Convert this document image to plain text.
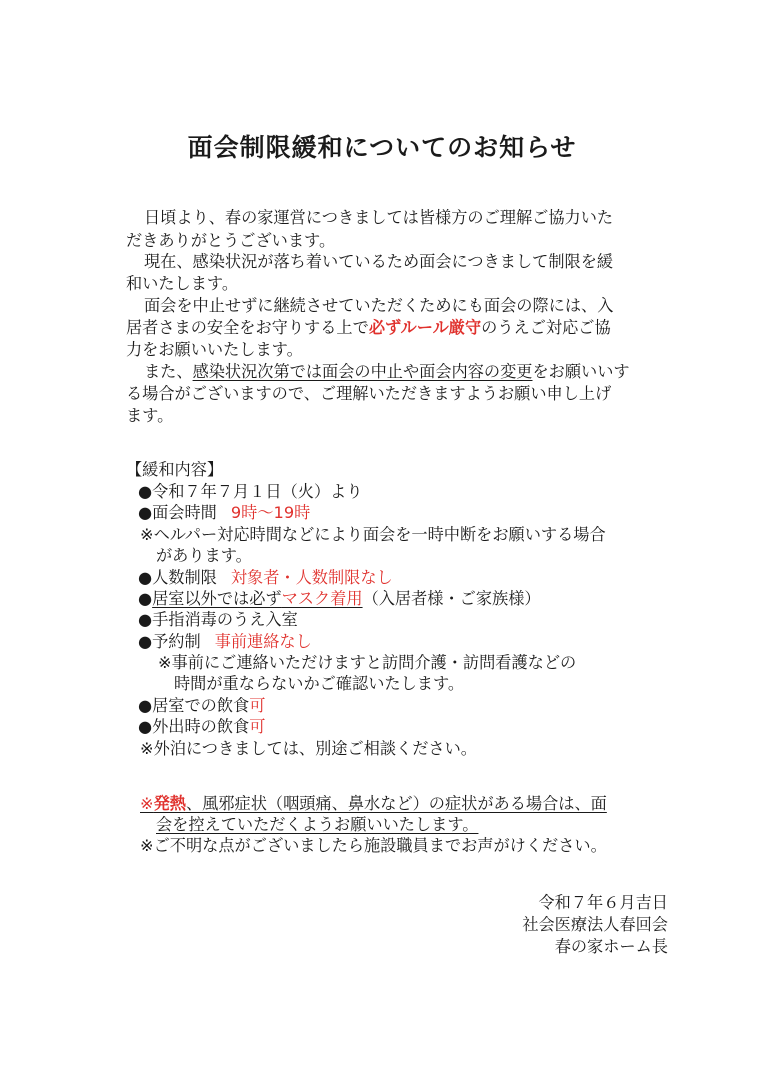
面会制限緩和についてのお知らせ
日頃より、春の家運営につきましては皆様方のご理解ご協力いた
だきありがとうございます。
現在、感染状況が落ち着いているため面会につきまして制限を緩
和いたします。
面会を中止せずに継続させていただくためにも面会の際には、入
居者さまの安全をお守りする上で必ずルール厳守のうえご対応ご協
力をお願いいたします。
また、感染状況次第では面会の中止や面会内容の変更をお願いいす
る場合がございますので、ご理解いただきますようお願い申し上げ
ます。
【緩和内容】
●令和７年７月１日（火）より
●面会時間 9時～19時
※ヘルパー対応時間などにより面会を一時中断をお願いする場合
があります。
●人数制限 対象者・人数制限なし
●居室以外では必ずマスク着用（入居者様・ご家族様）
●手指消毒のうえ入室
●予約制 事前連絡なし
※事前にご連絡いただけますと訪問介護・訪問看護などの
時間が重ならないかご確認いたします。
●居室での飲食可
●外出時の飲食可
※外泊につきましては、別途ご相談ください。
※発熱、風邪症状（咽頭痛、鼻水など）の症状がある場合は、面
会を控えていただくようお願いいたします。
※ご不明な点がございましたら施設職員までお声がけください。
令和７年６月吉日
社会医療法人春回会
春の家ホーム長
